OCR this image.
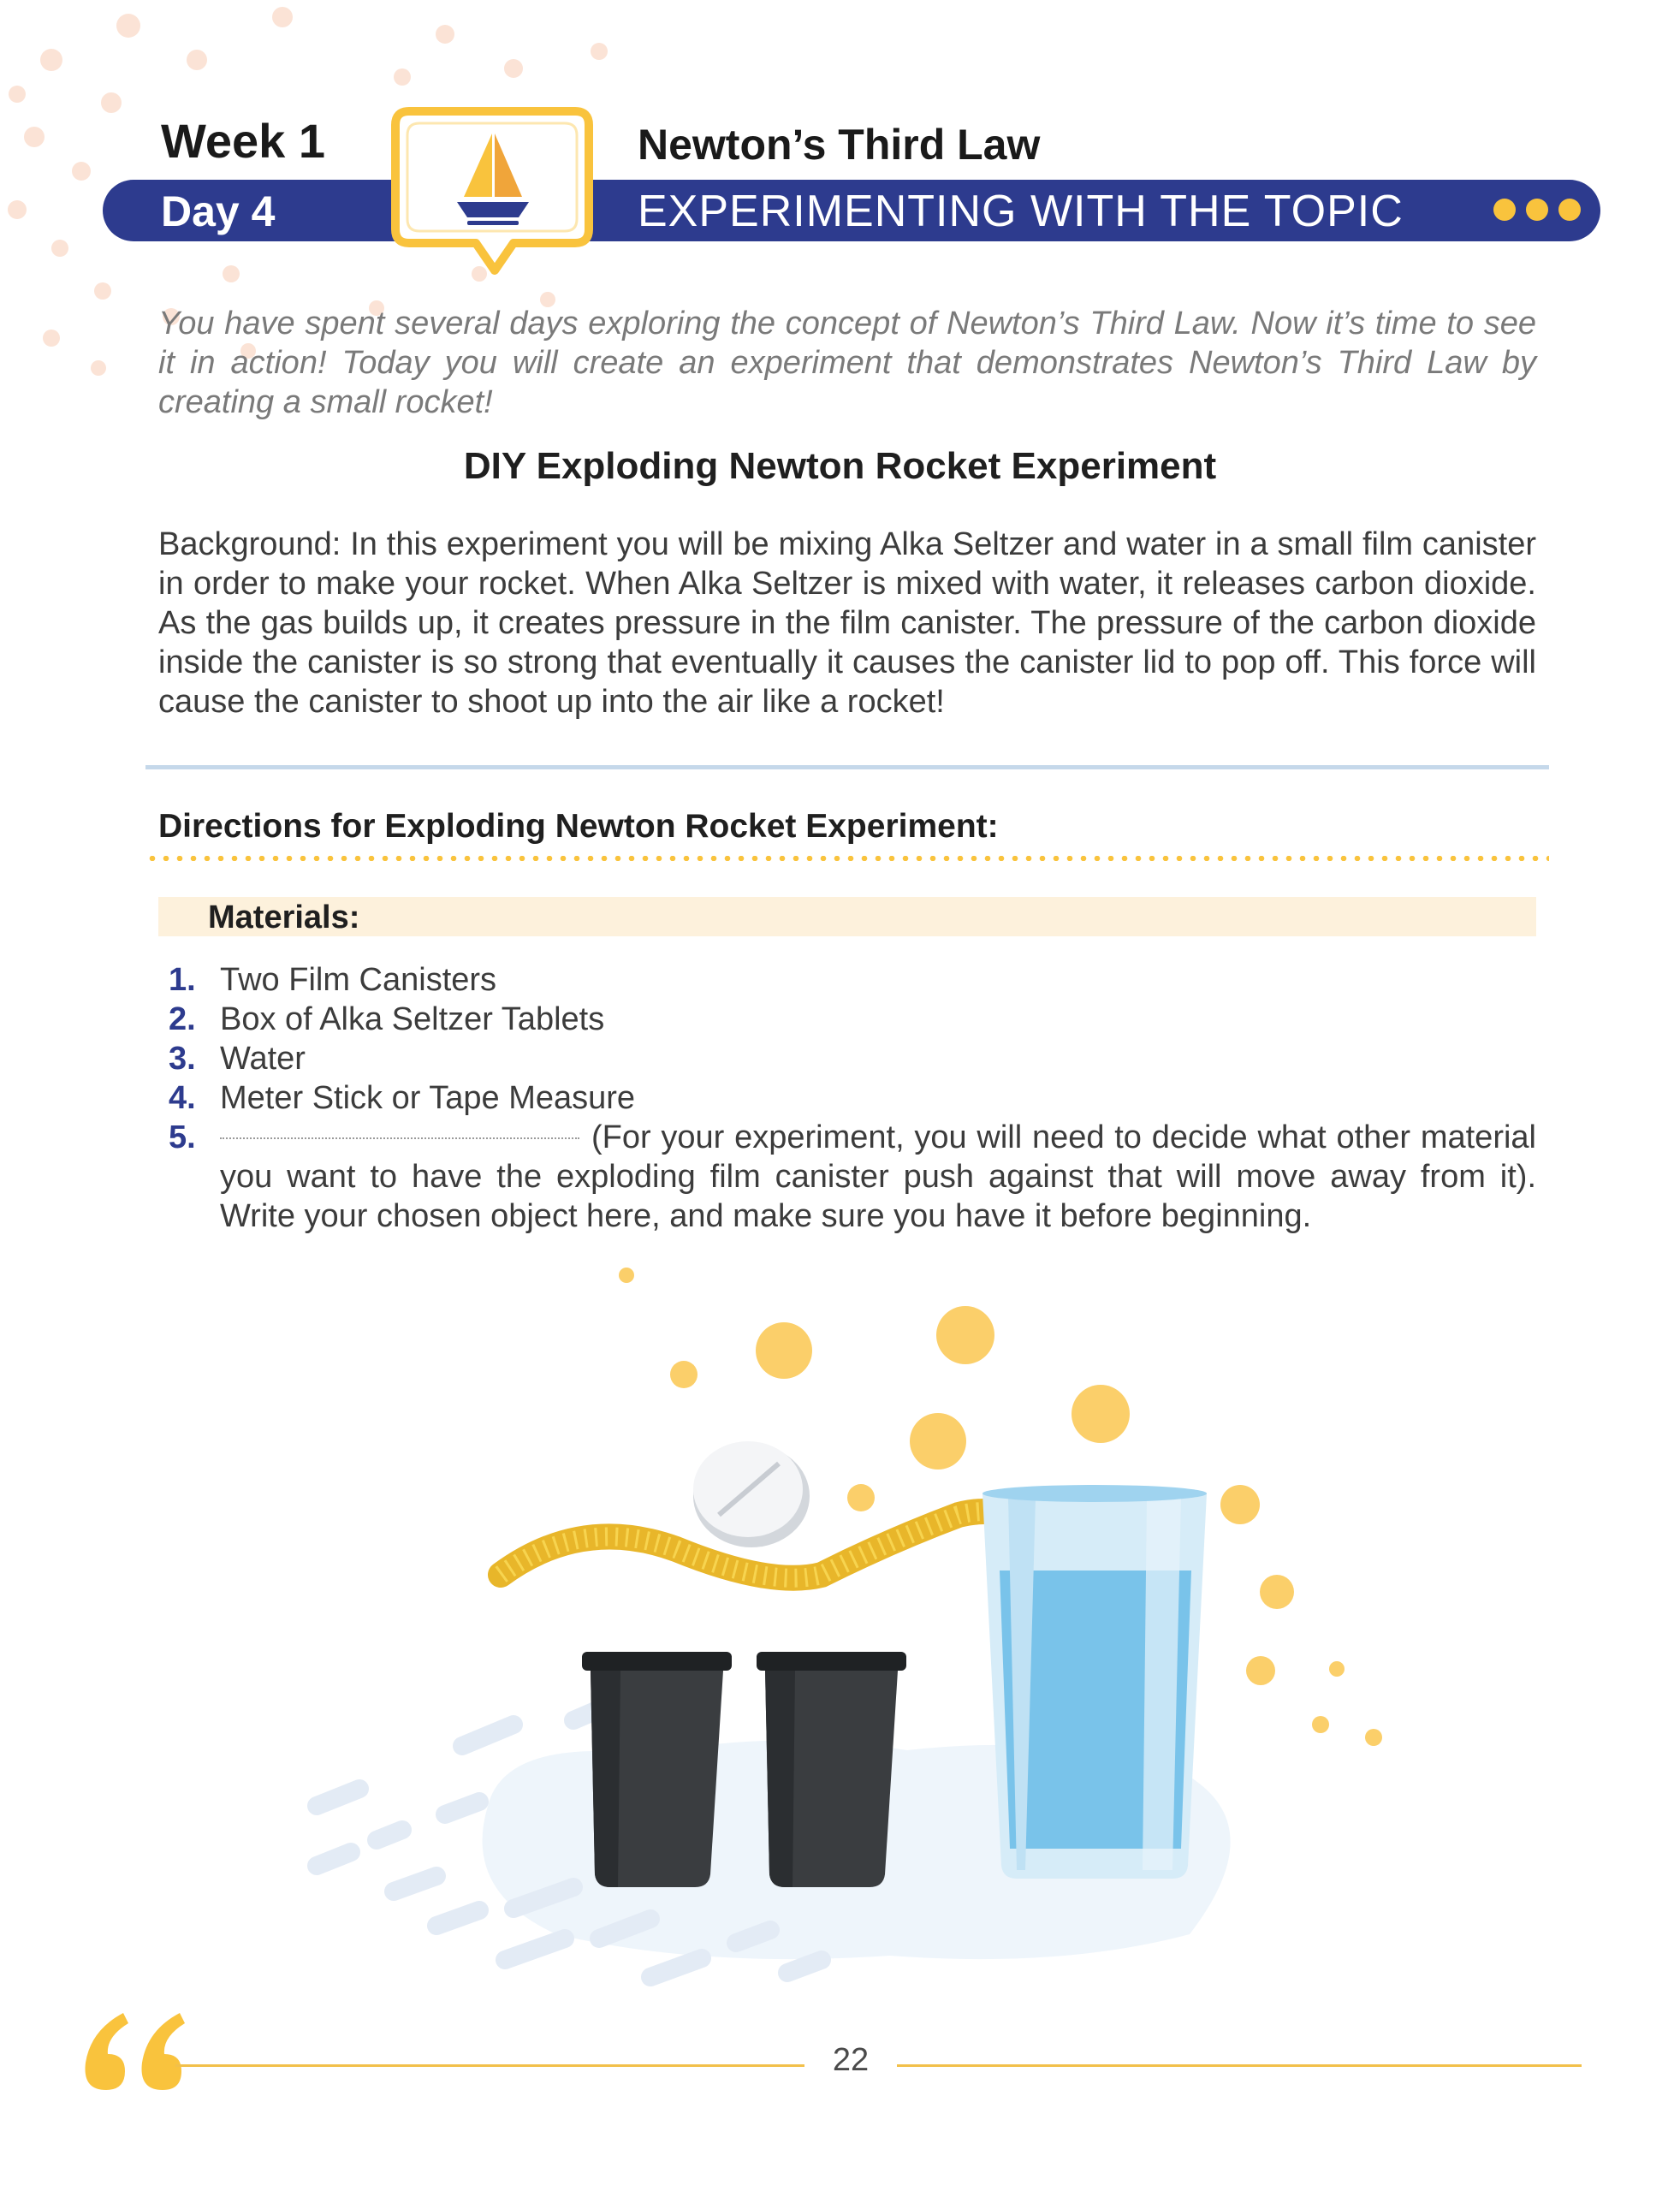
Week 1	Newton’s Third Law
Day 4	EXPERIMENTING WITH THE TOPIC
You have spent several days exploring the concept of Newton’s Third Law. Now it’s time to see it in action! Today you will create an experiment that demonstrates Newton’s Third Law by creating a small rocket!
DIY Exploding Newton Rocket Experiment
Background: In this experiment you will be mixing Alka Seltzer and water in a small film canister in order to make your rocket. When Alka Seltzer is mixed with water, it releases carbon dioxide. As the gas builds up, it creates pressure in the film canister. The pressure of the carbon dioxide inside the canister is so strong that eventually it causes the canister lid to pop off. This force will cause the canister to shoot up into the air like a rocket!
Directions for Exploding Newton Rocket Experiment:
Materials:
1. Two Film Canisters
2. Box of Alka Seltzer Tablets
3. Water
4. Meter Stick or Tape Measure
5.	(For your experiment, you will need to decide what other material you want to have the exploding film canister push against that will move away from it). Write your chosen object here, and make sure you have it before beginning.
22
